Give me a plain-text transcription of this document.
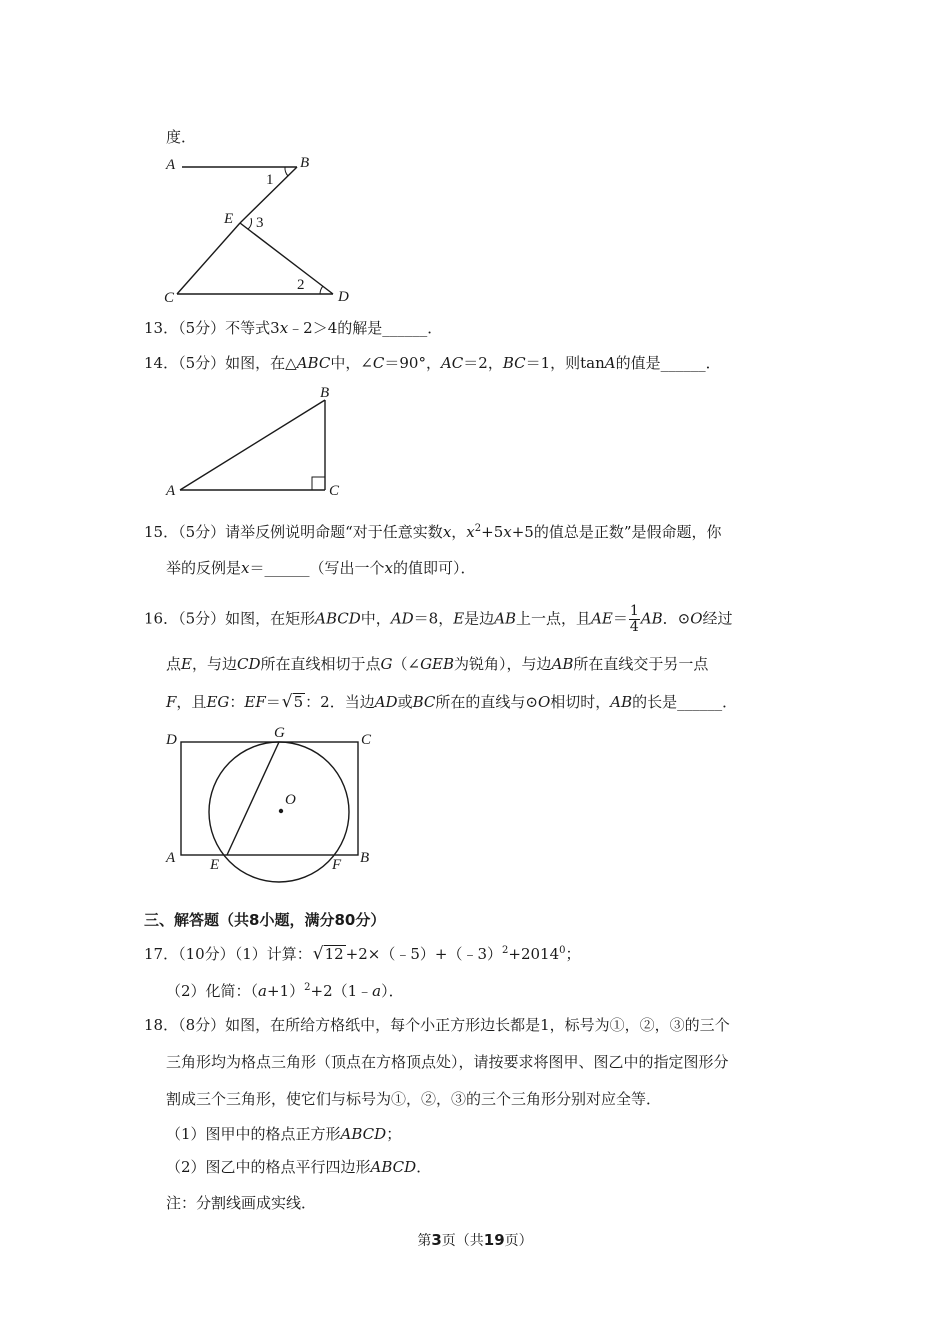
度．
A	B
E
C	D
1
3
2
13．（5分）不等式3x﹣2＞4的解是______．
14．（5分）如图，在△ABC中，∠C＝90°，AC＝2，BC＝1，则tanA的值是______．
A
B
C
15．（5分）请举反例说明命题“对于任意实数x，$x^2+5x+5$的值总是正数”是假命题，你
举的反例是x＝______（写出一个x的值即可）．
16．（5分）如图，在矩形ABCD中，AD＝8，E是边AB上一点，且$AE= \frac{1}{4}$ AB．⊙O经过
点E，与边CD所在直线相切于点G（∠GEB为锐角），与边AB所在直线交于另一点
F，且EG：EF＝√5 ：2．当边AD或BC所在的直线与⊙O相切时，AB的长是______．
D	G	C
O
A E	F B
三、解答题（共8小题，满分80分）
17．（10分）（1）计算：$√12 +2\times(﹣5)+(﹣3)^2+2014^0$；
（2）化简：$(a+1)^2+2(1﹣a)$．
18．（8分）如图，在所给方格纸中，每个小正方形边长都是1，标号为①，②，③的三个
三角形均为格点三角形（顶点在方格顶点处），请按要求将图甲、图乙中的指定图形分
割成三个三角形，使它们与标号为①，②，③的三个三角形分别对应全等．
（1）图甲中的格点正方形ABCD；
（2）图乙中的格点平行四边形ABCD．
注：分割线画成实线．
第3页（共19页）
